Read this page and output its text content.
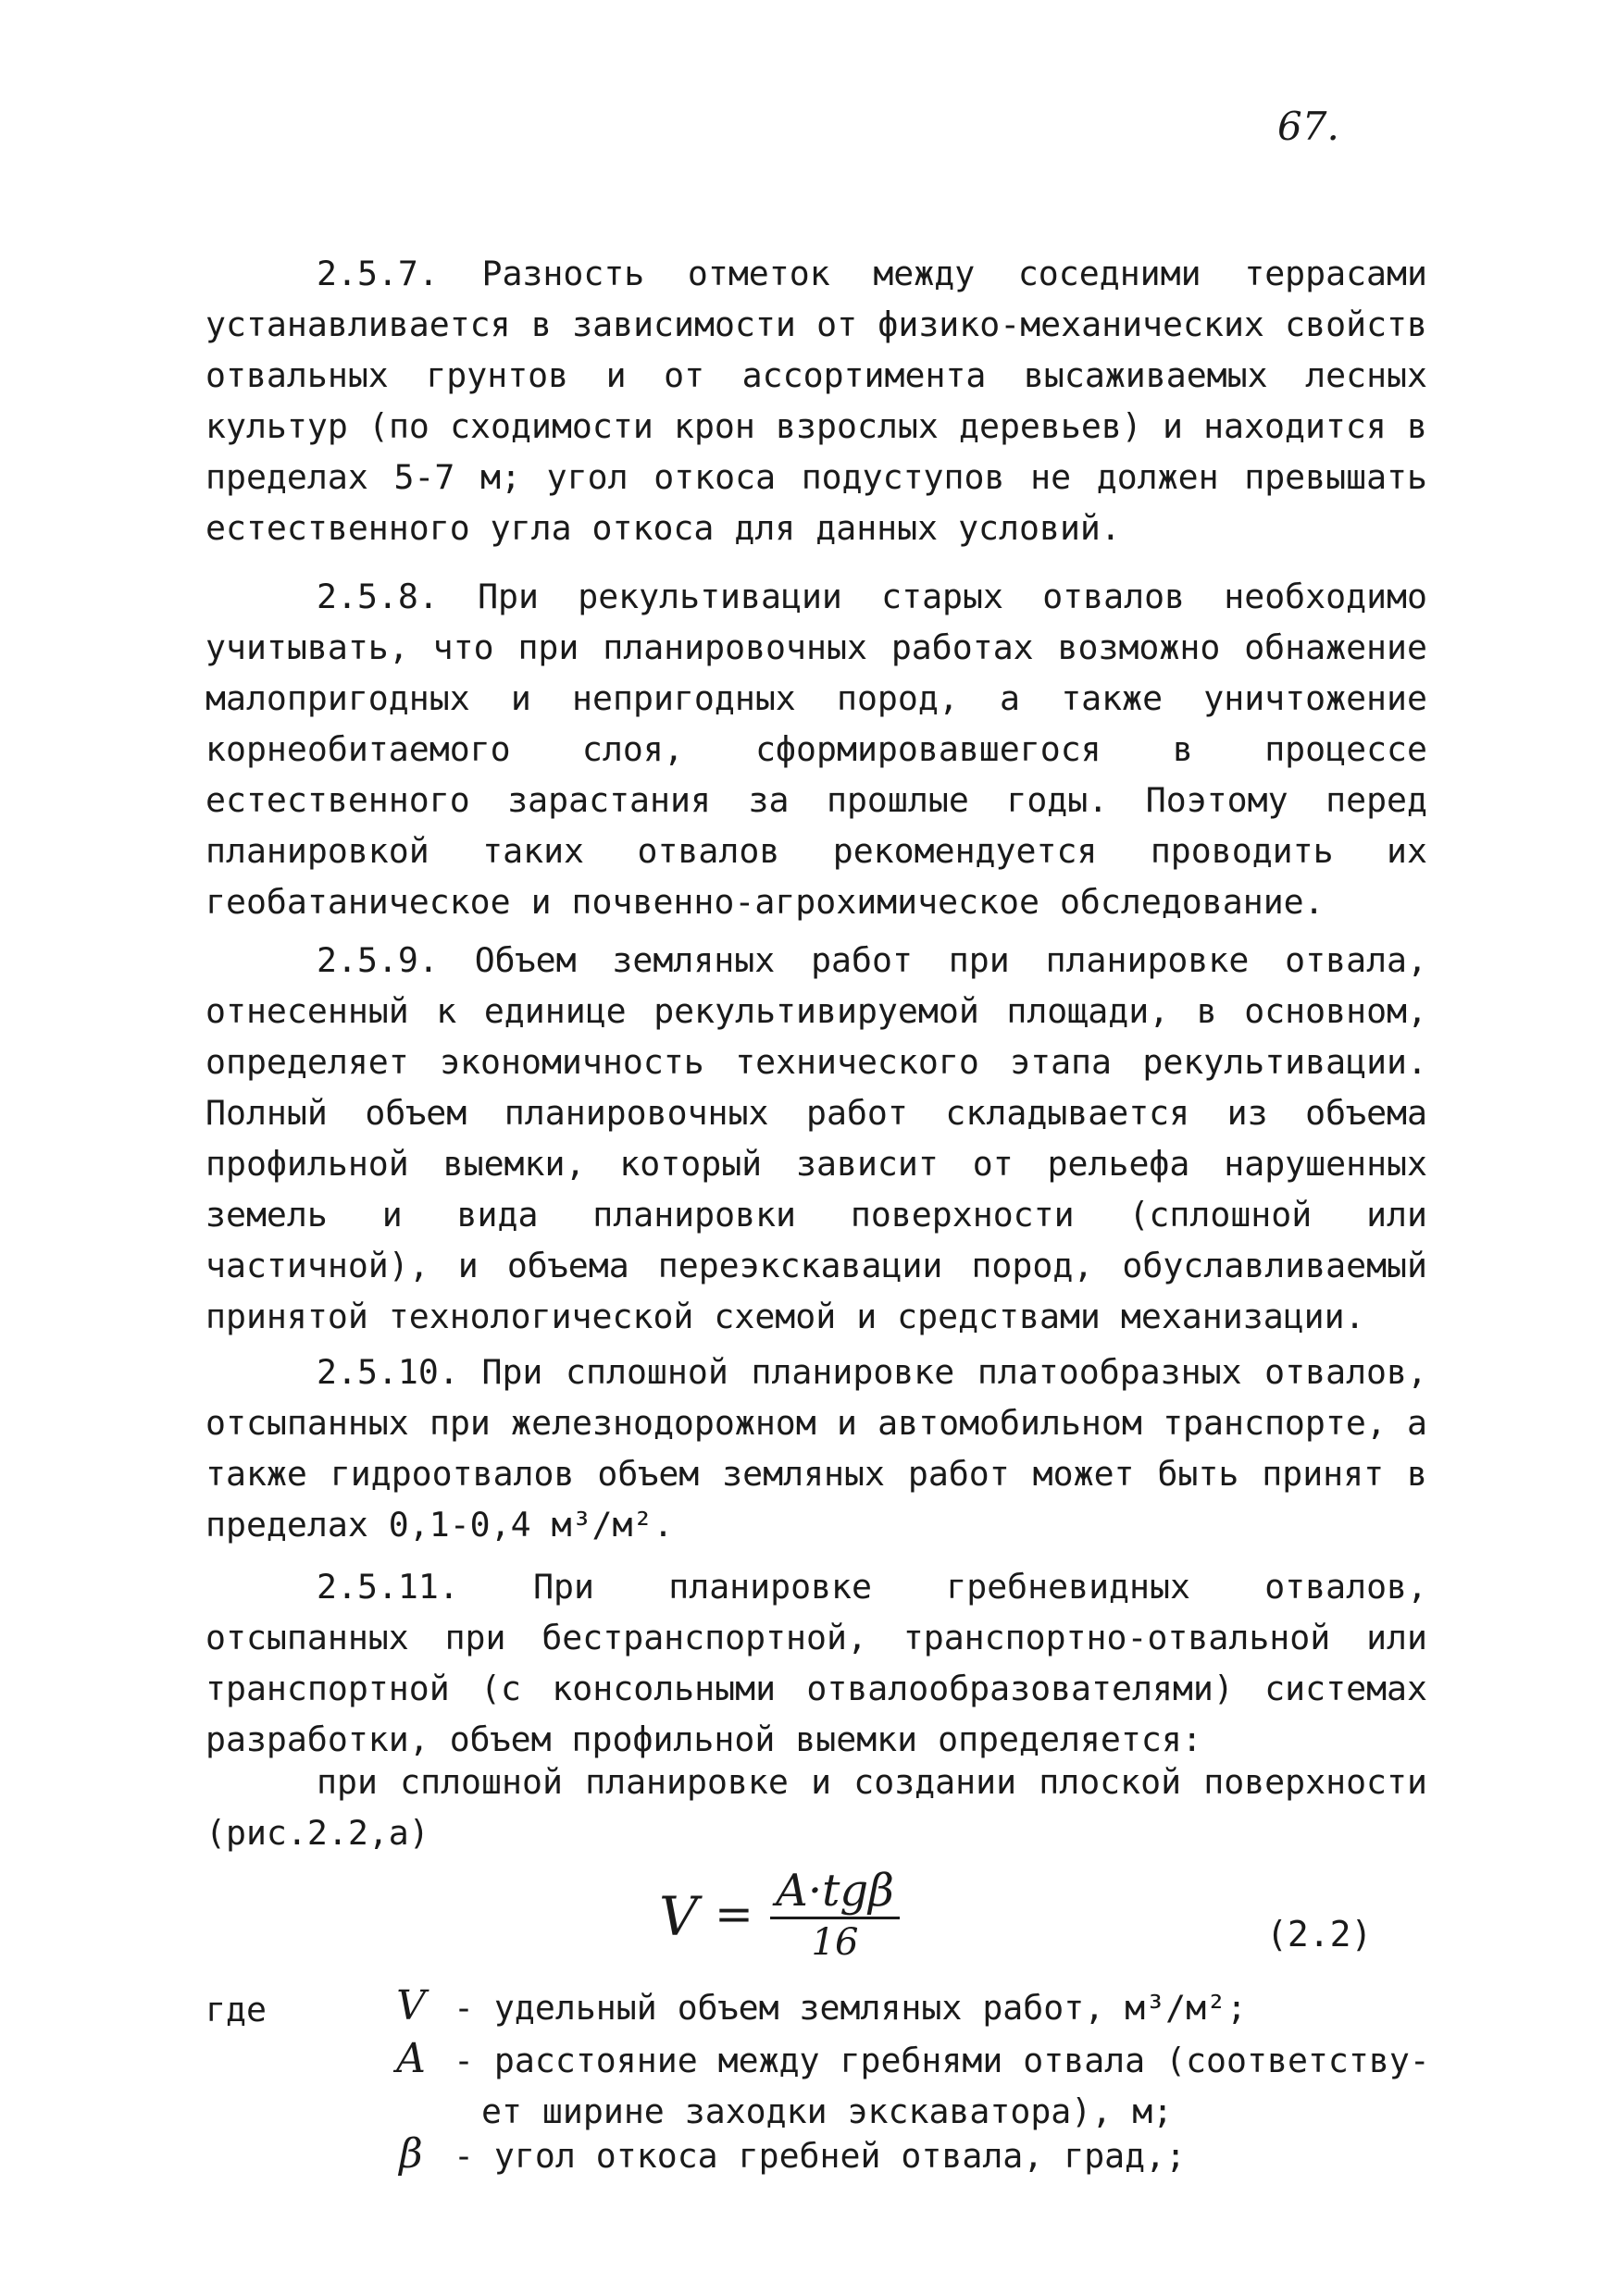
67.

2.5.7. Разность отметок между соседними террасами устанавливается в зависимости от физико-механических свойств отвальных грунтов и от ассортимента высаживаемых лесных культур (по сходимости крон взрослых деревьев) и находится в пределах 5-7 м; угол откоса подуступов не должен превышать естественного угла откоса для данных условий.

2.5.8. При рекультивации старых отвалов необходимо учитывать, что при планировочных работах возможно обнажение малопригодных и непригодных пород, а также уничтожение корнеобитаемого слоя, сформировавшегося в процессе естественного зарастания за прошлые годы. Поэтому перед планировкой таких отвалов рекомендуется проводить их геобатаническое и почвенно-агрохимическое обследование.

2.5.9. Объем земляных работ при планировке отвала, отнесенный к единице рекультивируемой площади, в основном, определяет экономичность технического этапа рекультивации. Полный объем планировочных работ складывается из объема профильной выемки, который зависит от рельефа нарушенных земель и вида планировки поверхности (сплошной или частичной), и объема переэкскавации пород, обуславливаемый принятой технологической схемой и средствами механизации.

2.5.10. При сплошной планировке платообразных отвалов, отсыпанных при железнодорожном и автомобильном транспорте, а также гидроотвалов объем земляных работ может быть принят в пределах 0,1-0,4 м³/м².

2.5.11. При планировке гребневидных отвалов, отсыпанных при бестранспортной, транспортно-отвальной или транспортной (с консольными отвалообразователями) системах разработки, объем профильной выемки определяется:

при сплошной планировке и создании плоской поверхности (рис.2.2,а)

V = A·tgβ
16	(2.2)
где	V - удельный объем земляных работ, м³/м²;
A - расстояние между гребнями отвала (соответству-
ет ширине заходки экскаватора), м;
β - угол откоса гребней отвала, град,;
